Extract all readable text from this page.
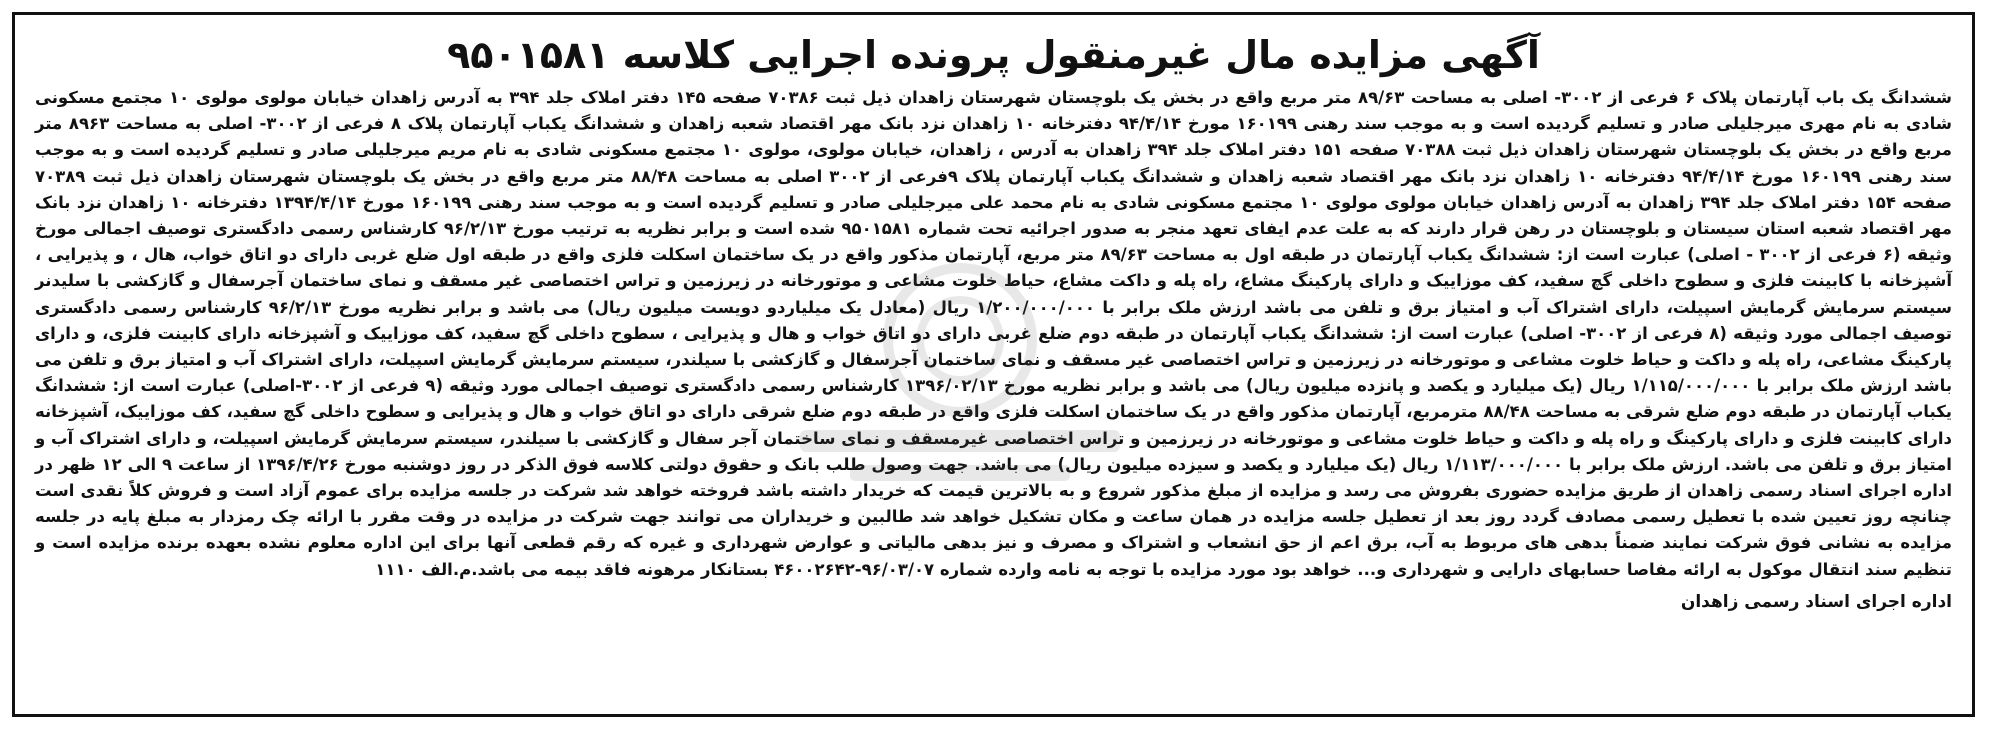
آگهی مزایده مال غیرمنقول پرونده اجرایی کلاسه ۹۵۰۱۵۸۱

ششدانگ یک باب آپارتمان پلاک ۶ فرعی از ۳۰۰۲- اصلی به مساحت ۸۹/۶۳ متر مربع واقع در بخش یک بلوچستان شهرستان زاهدان ذیل ثبت ۷۰۳۸۶ صفحه ۱۴۵ دفتر املاک جلد ۳۹۴ به آدرس زاهدان خیابان مولوی مولوی ۱۰ مجتمع مسکونی شادی به نام مهری میرجلیلی صادر و تسلیم گردیده است و به موجب سند رهنی ۱۶۰۱۹۹ مورخ ۹۴/۴/۱۴ دفترخانه ۱۰ زاهدان نزد بانک مهر اقتصاد شعبه زاهدان و ششدانگ یکباب آپارتمان پلاک ۸ فرعی از ۳۰۰۲- اصلی به مساحت ۸۹۶۳ متر مربع واقع در بخش یک بلوچستان شهرستان زاهدان ذیل ثبت ۷۰۳۸۸ صفحه ۱۵۱ دفتر املاک جلد ۳۹۴ زاهدان به آدرس ، زاهدان، خیابان مولوی، مولوی ۱۰ مجتمع مسکونی شادی به نام مریم میرجلیلی صادر و تسلیم گردیده است و به موجب سند رهنی ۱۶۰۱۹۹ مورخ ۹۴/۴/۱۴ دفترخانه ۱۰ زاهدان نزد بانک مهر اقتصاد شعبه زاهدان و ششدانگ یکباب آپارتمان پلاک ۹فرعی از ۳۰۰۲ اصلی به مساحت ۸۸/۴۸ متر مربع واقع در بخش یک بلوچستان شهرستان زاهدان ذیل ثبت ۷۰۳۸۹ صفحه ۱۵۴ دفتر املاک جلد ۳۹۴ زاهدان به آدرس زاهدان خیابان مولوی مولوی ۱۰ مجتمع مسکونی شادی به نام محمد علی میرجلیلی صادر و تسلیم گردیده است و به موجب سند رهنی ۱۶۰۱۹۹ مورخ ۱۳۹۴/۴/۱۴ دفترخانه ۱۰ زاهدان نزد بانک مهر اقتصاد شعبه استان سیستان و بلوچستان در رهن قرار دارند که به علت عدم ایفای تعهد منجر به صدور اجرائیه تحت شماره ۹۵۰۱۵۸۱ شده است و برابر نظریه به ترتیب مورخ ۹۶/۲/۱۳ کارشناس رسمی دادگستری توصیف اجمالی مورخ وثیقه (۶ فرعی از ۳۰۰۲ - اصلی) عبارت است از: ششدانگ یکباب آپارتمان در طبقه اول به مساحت ۸۹/۶۳ متر مربع، آپارتمان مذکور واقع در یک ساختمان اسکلت فلزی واقع در طبقه اول ضلع غربی دارای دو اتاق خواب، هال ، و پذیرایی ، آشپزخانه با کابینت فلزی و سطوح داخلی گچ سفید، کف موزاییک و دارای پارکینگ مشاع، راه پله و داکت مشاع، حیاط خلوت مشاعی و موتورخانه در زیرزمین و تراس اختصاصی غیر مسقف و نمای ساختمان آجرسفال و گازکشی با سلیدنر سیستم سرمایش گرمایش اسپیلت، دارای اشتراک آب و امتیاز برق و تلفن می باشد ارزش ملک برابر با ۱/۲۰۰/۰۰۰/۰۰۰ ریال (معادل یک میلیاردو دویست میلیون ریال) می باشد و برابر نظریه مورخ ۹۶/۲/۱۳ کارشناس رسمی دادگستری توصیف اجمالی مورد وثیقه (۸ فرعی از ۳۰۰۲- اصلی) عبارت است از: ششدانگ یکباب آپارتمان در طبقه دوم ضلع غربی دارای دو اتاق خواب و هال و پذیرایی ، سطوح داخلی گچ سفید، کف موزاییک و آشپزخانه دارای کابینت فلزی، و دارای پارکینگ مشاعی، راه پله و داکت و حیاط خلوت مشاعی و موتورخانه در زیرزمین و تراس اختصاصی غیر مسقف و نمای ساختمان آجرسفال و گازکشی با سیلندر، سیستم سرمایش گرمایش اسپیلت، دارای اشتراک آب و امتیاز برق و تلفن می باشد ارزش ملک برابر با ۱/۱۱۵/۰۰۰/۰۰۰ ریال (یک میلیارد و یکصد و پانزده میلیون ریال) می باشد و برابر نظریه مورخ ۱۳۹۶/۰۲/۱۳ کارشناس رسمی دادگستری توصیف اجمالی مورد وثیقه (۹ فرعی از ۳۰۰۲-اصلی) عبارت است از: ششدانگ یکباب آپارتمان در طبقه دوم ضلع شرقی به مساحت ۸۸/۴۸ مترمربع، آپارتمان مذکور واقع در یک ساختمان اسکلت فلزی واقع در طبقه دوم ضلع شرقی دارای دو اتاق خواب و هال و پذیرایی و سطوح داخلی گچ سفید، کف موزاییک، آشپزخانه دارای کابینت فلزی و دارای پارکینگ و راه پله و داکت و حیاط خلوت مشاعی و موتورخانه در زیرزمین و تراس اختصاصی غیرمسقف و نمای ساختمان آجر سفال و گازکشی با سیلندر، سیستم سرمایش گرمایش اسپیلت، و دارای اشتراک آب و امتیاز برق و تلفن می باشد. ارزش ملک برابر با ۱/۱۱۳/۰۰۰/۰۰۰ ریال (یک میلیارد و یکصد و سیزده میلیون ریال) می باشد. جهت وصول طلب بانک و حقوق دولتی کلاسه فوق الذکر در روز دوشنبه مورخ ۱۳۹۶/۴/۲۶ از ساعت ۹ الی ۱۲ ظهر در اداره اجرای اسناد رسمی زاهدان از طریق مزایده حضوری بفروش می رسد و مزایده از مبلغ مذکور شروع و به بالاترین قیمت که خریدار داشته باشد فروخته خواهد شد شرکت در جلسه مزایده برای عموم آزاد است و فروش کلاً نقدی است چنانچه روز تعیین شده با تعطیل رسمی مصادف گردد روز بعد از تعطیل جلسه مزایده در همان ساعت و مکان تشکیل خواهد شد طالبین و خریداران می توانند جهت شرکت در مزایده در وقت مقرر با ارائه چک رمزدار به مبلغ پایه در جلسه مزایده به نشانی فوق شرکت نمایند ضمناً بدهی های مربوط به آب، برق اعم از حق انشعاب و اشتراک و مصرف و نیز بدهی مالیاتی و عوارض شهرداری و غیره که رقم قطعی آنها برای این اداره معلوم نشده بعهده برنده مزایده است و تنظیم سند انتقال موکول به ارائه مفاصا حسابهای دارایی و شهرداری و... خواهد بود مورد مزایده با توجه به نامه وارده شماره ۹۶/۰۳/۰۷-۴۶۰۰۲۶۴۲ بستانکار مرهونه فاقد بیمه می باشد.م.الف ۱۱۱۰

اداره اجرای اسناد رسمی زاهدان
